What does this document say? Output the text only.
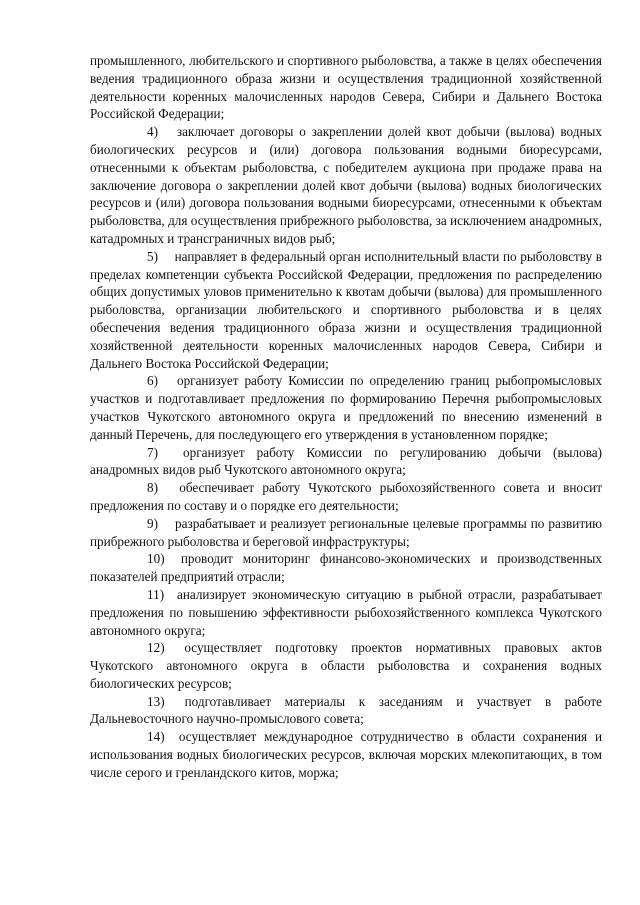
промышленного, любительского и спортивного рыболовства, а также в целях обеспечения ведения традиционного образа жизни и осуществления традиционной хозяйственной деятельности коренных малочисленных народов Севера, Сибири и Дальнего Востока Российской Федерации;

4) заключает договоры о закреплении долей квот добычи (вылова) водных биологических ресурсов и (или) договора пользования водными биоресурсами, отнесенными к объектам рыболовства, с победителем аукциона при продаже права на заключение договора о закреплении долей квот добычи (вылова) водных биологических ресурсов и (или) договора пользования водными биоресурсами, отнесенными к объектам рыболовства, для осуществления прибрежного рыболовства, за исключением анадромных, катадромных и трансграничных видов рыб;

5) направляет в федеральный орган исполнительный власти по рыболовству в пределах компетенции субъекта Российской Федерации, предложения по распределению общих допустимых уловов применительно к квотам добычи (вылова) для промышленного рыболовства, организации любительского и спортивного рыболовства и в целях обеспечения ведения традиционного образа жизни и осуществления традиционной хозяйственной деятельности коренных малочисленных народов Севера, Сибири и Дальнего Востока Российской Федерации;

6) организует работу Комиссии по определению границ рыбопромысловых участков и подготавливает предложения по формированию Перечня рыбопромысловых участков Чукотского автономного округа и предложений по внесению изменений в данный Перечень, для последующего его утверждения в установленном порядке;

7) организует работу Комиссии по регулированию добычи (вылова) анадромных видов рыб Чукотского автономного округа;

8) обеспечивает работу Чукотского рыбохозяйственного совета и вносит предложения по составу и о порядке его деятельности;

9) разрабатывает и реализует региональные целевые программы по развитию прибрежного рыболовства и береговой инфраструктуры;

10) проводит мониторинг финансово-экономических и производственных показателей предприятий отрасли;

11) анализирует экономическую ситуацию в рыбной отрасли, разрабатывает предложения по повышению эффективности рыбохозяйственного комплекса Чукотского автономного округа;

12) осуществляет подготовку проектов нормативных правовых актов Чукотского автономного округа в области рыболовства и сохранения водных биологических ресурсов;

13) подготавливает материалы к заседаниям и участвует в работе Дальневосточного научно-промыслового совета;

14) осуществляет международное сотрудничество в области сохранения и использования водных биологических ресурсов, включая морских млекопитающих, в том числе серого и гренландского китов, моржа;
